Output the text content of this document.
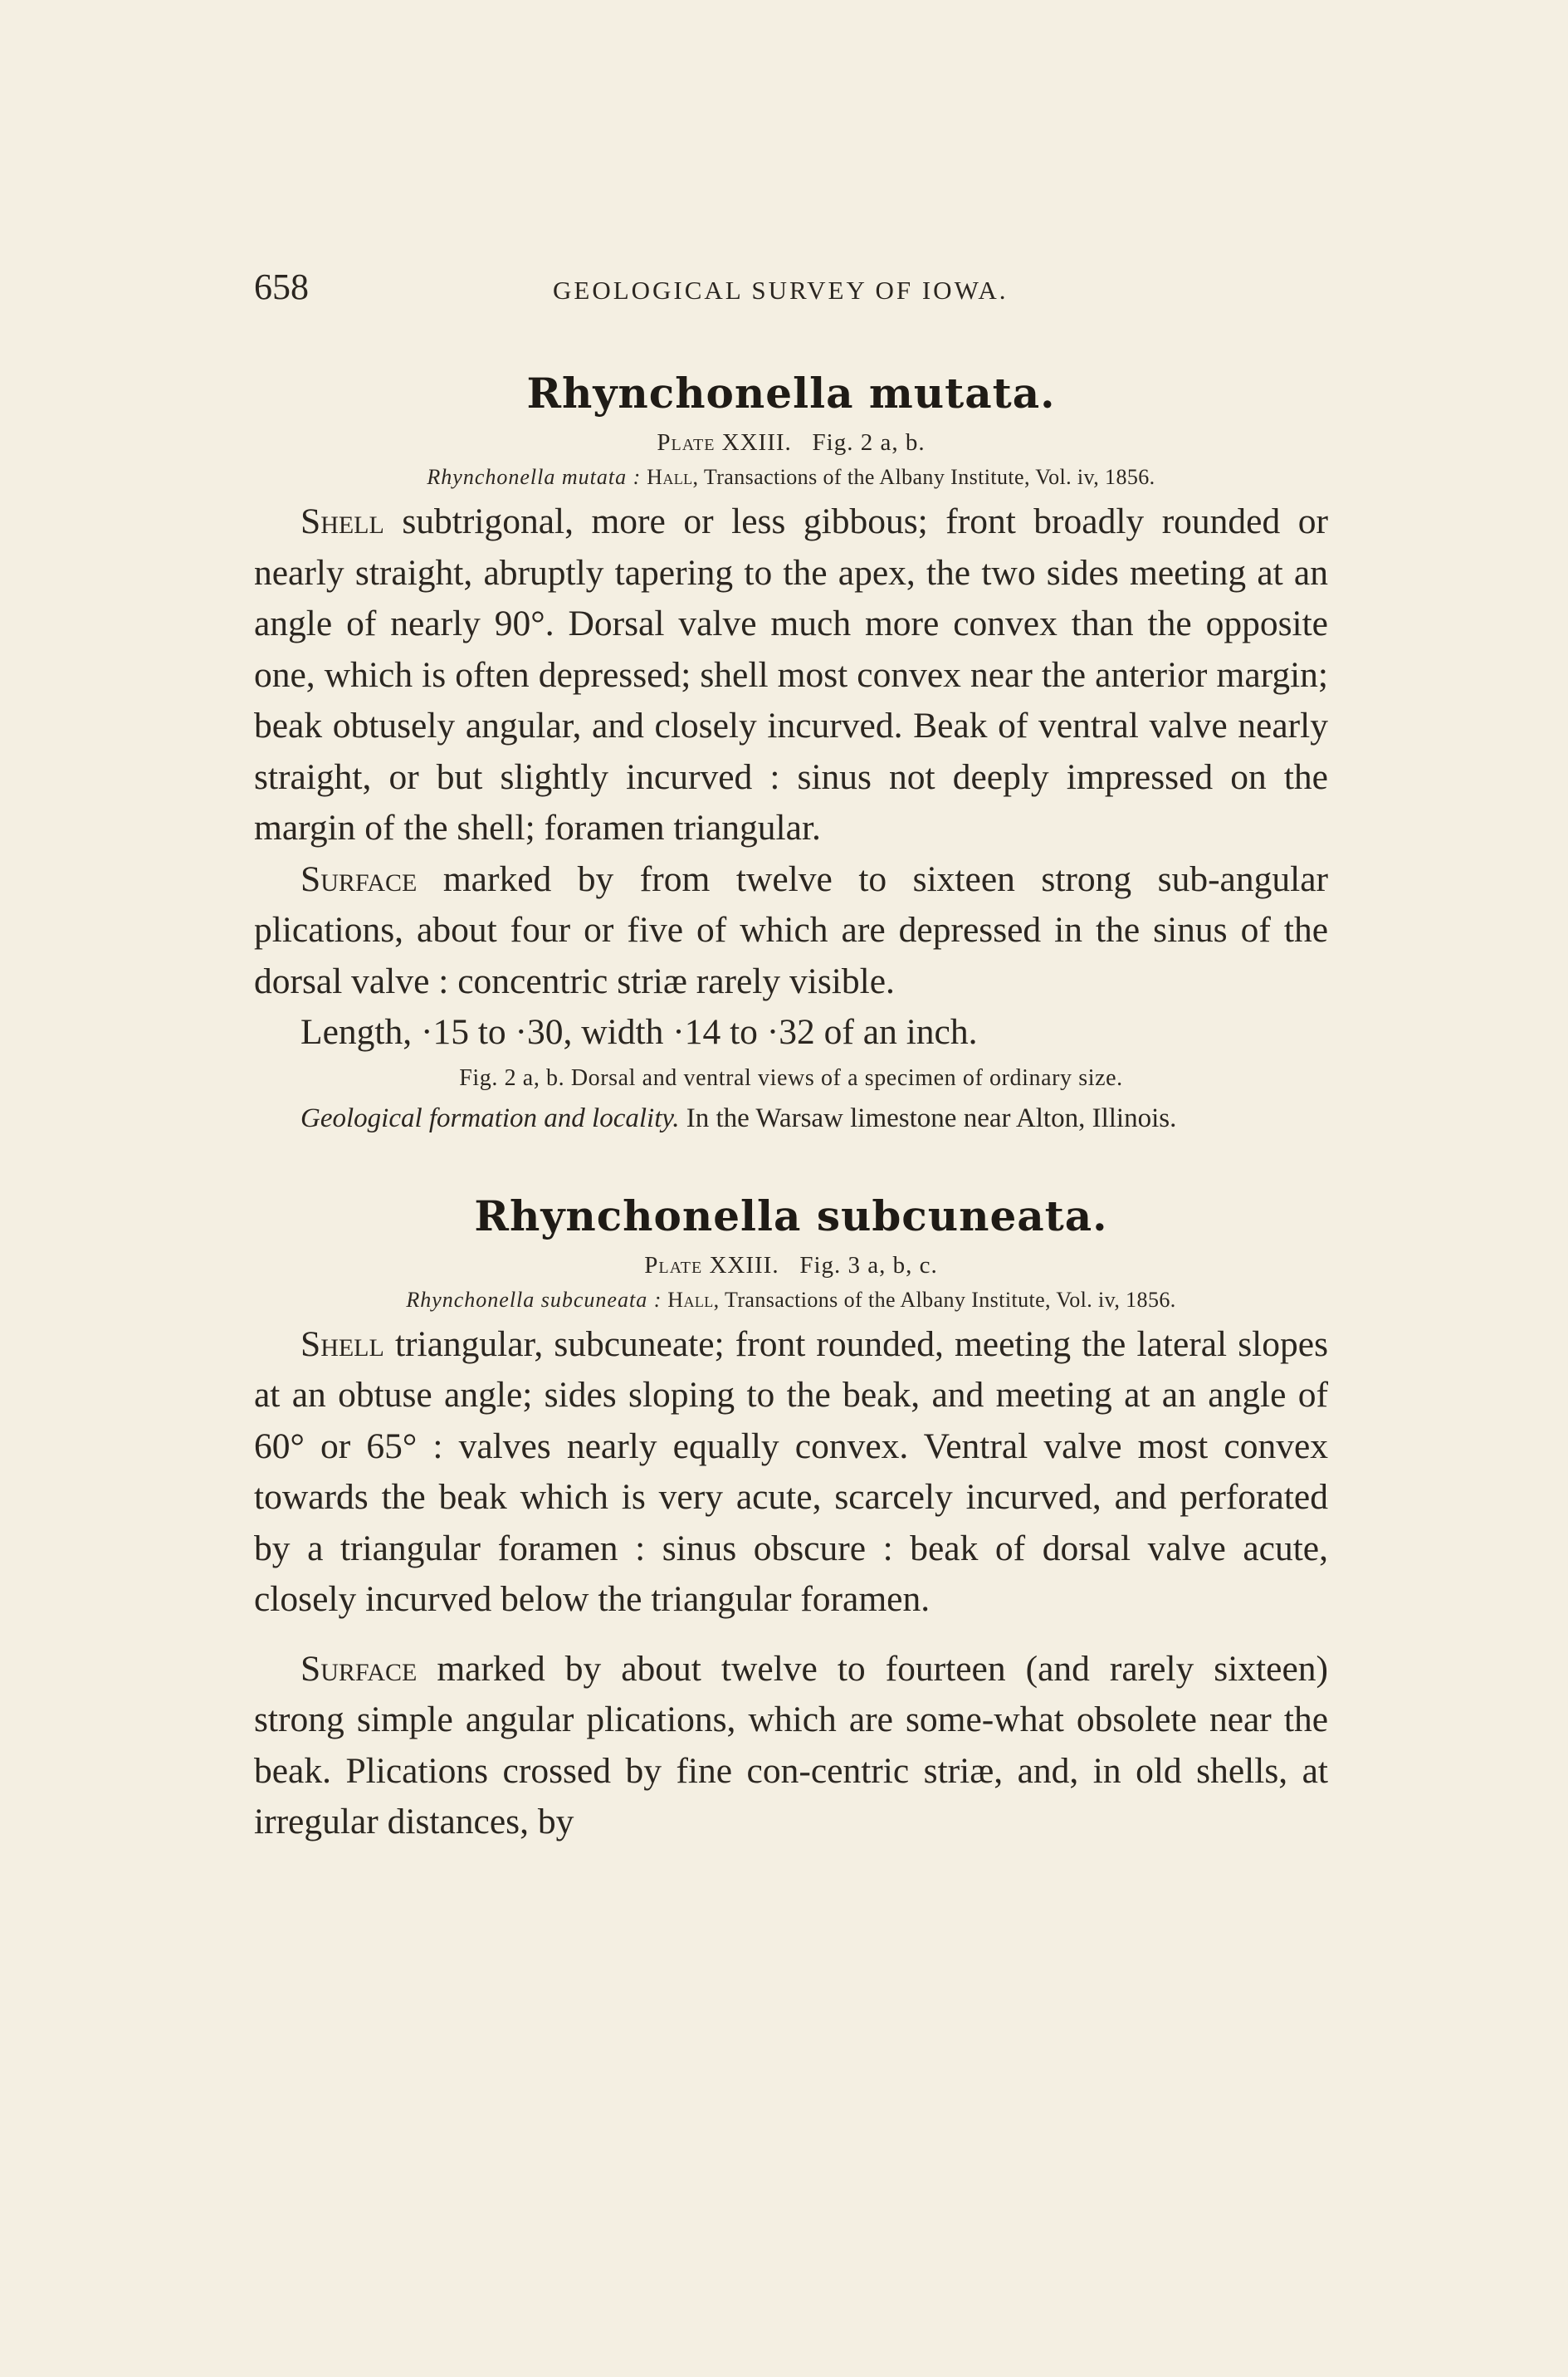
658	GEOLOGICAL SURVEY OF IOWA.
Rhynchonella mutata.
Plate XXIII. Fig. 2 a, b.
Rhynchonella mutata : Hall, Transactions of the Albany Institute, Vol. iv, 1856.

Shell subtrigonal, more or less gibbous; front broadly rounded or nearly straight, abruptly tapering to the apex, the two sides meeting at an angle of nearly 90°. Dorsal valve much more convex than the opposite one, which is often depressed; shell most convex near the anterior margin; beak obtusely angular, and closely incurved. Beak of ventral valve nearly straight, or but slightly incurved : sinus not deeply impressed on the margin of the shell; foramen triangular.

Surface marked by from twelve to sixteen strong sub-angular plications, about four or five of which are depressed in the sinus of the dorsal valve : concentric striæ rarely visible.

Length, ·15 to ·30, width ·14 to ·32 of an inch.

Fig. 2 a, b. Dorsal and ventral views of a specimen of ordinary size.

Geological formation and locality. In the Warsaw limestone near Alton, Illinois.

Rhynchonella subcuneata.
Plate XXIII. Fig. 3 a, b, c.
Rhynchonella subcuneata : Hall, Transactions of the Albany Institute, Vol. iv, 1856.

Shell triangular, subcuneate; front rounded, meeting the lateral slopes at an obtuse angle; sides sloping to the beak, and meeting at an angle of 60° or 65° : valves nearly equally convex. Ventral valve most convex towards the beak which is very acute, scarcely incurved, and perforated by a triangular foramen : sinus obscure : beak of dorsal valve acute, closely incurved below the triangular foramen.

Surface marked by about twelve to fourteen (and rarely sixteen) strong simple angular plications, which are some-what obsolete near the beak. Plications crossed by fine con-centric striæ, and, in old shells, at irregular distances, by
